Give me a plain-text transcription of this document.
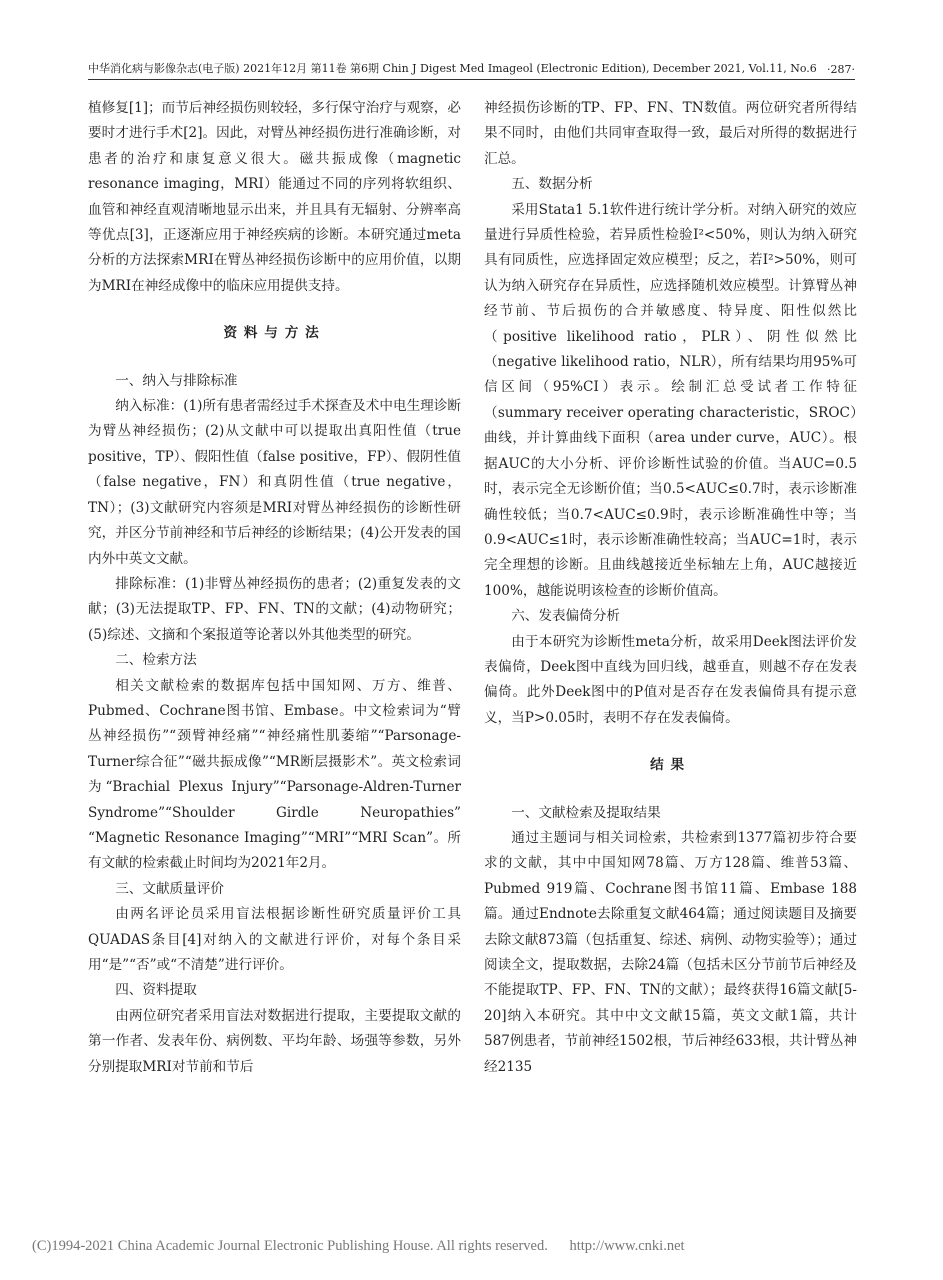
中华消化病与影像杂志(电子版) 2021年12月 第11卷 第6期 Chin J Digest Med Imageol (Electronic Edition), December 2021, Vol.11, No.6 ·287·

植修复[1]；而节后神经损伤则较轻，多行保守治疗与观察，必要时才进行手术[2]。因此，对臂丛神经损伤进行准确诊断，对患者的治疗和康复意义很大。磁共振成像（magnetic resonance imaging，MRI）能通过不同的序列将软组织、血管和神经直观清晰地显示出来，并且具有无辐射、分辨率高等优点[3]，正逐渐应用于神经疾病的诊断。本研究通过meta分析的方法探索MRI在臂丛神经损伤诊断中的应用价值，以期为MRI在神经成像中的临床应用提供支持。

资料与方法

一、纳入与排除标准

纳入标准：(1)所有患者需经过手术探查及术中电生理诊断为臂丛神经损伤；(2)从文献中可以提取出真阳性值（true positive，TP）、假阳性值（false positive，FP）、假阴性值（false negative，FN）和真阴性值（true negative，TN）；(3)文献研究内容须是MRI对臂丛神经损伤的诊断性研究，并区分节前神经和节后神经的诊断结果；(4)公开发表的国内外中英文文献。

排除标准：(1)非臂丛神经损伤的患者；(2)重复发表的文献；(3)无法提取TP、FP、FN、TN的文献；(4)动物研究；(5)综述、文摘和个案报道等论著以外其他类型的研究。

二、检索方法

相关文献检索的数据库包括中国知网、万方、维普、Pubmed、Cochrane图书馆、Embase。中文检索词为“臂丛神经损伤”“颈臂神经痛”“神经痛性肌萎缩”“Parsonage-Turner综合征”“磁共振成像”“MR断层摄影术”。英文检索词为“Brachial Plexus Injury”“Parsonage-Aldren-Turner Syndrome”“Shoulder Girdle Neuropathies” “Magnetic Resonance Imaging”“MRI”“MRI Scan”。所有文献的检索截止时间均为2021年2月。

三、文献质量评价

由两名评论员采用盲法根据诊断性研究质量评价工具QUADAS条目[4]对纳入的文献进行评价，对每个条目采用“是”“否”或“不清楚”进行评价。

四、资料提取

由两位研究者采用盲法对数据进行提取，主要提取文献的第一作者、发表年份、病例数、平均年龄、场强等参数，另外分别提取MRI对节前和节后

神经损伤诊断的TP、FP、FN、TN数值。两位研究者所得结果不同时，由他们共同审查取得一致，最后对所得的数据进行汇总。

五、数据分析

采用Stata1 5.1软件进行统计学分析。对纳入研究的效应量进行异质性检验，若异质性检验I²<50%，则认为纳入研究具有同质性，应选择固定效应模型；反之，若I²>50%，则可认为纳入研究存在异质性，应选择随机效应模型。计算臂丛神经节前、节后损伤的合并敏感度、特异度、阳性似然比（positive likelihood ratio，PLR）、阴性似然比（negative likelihood ratio，NLR），所有结果均用95%可信区间（95%CI）表示。绘制汇总受试者工作特征（summary receiver operating characteristic，SROC）曲线，并计算曲线下面积（area under curve，AUC）。根据AUC的大小分析、评价诊断性试验的价值。当AUC=0.5时，表示完全无诊断价值；当0.5<AUC≤0.7时，表示诊断准确性较低；当0.7<AUC≤0.9时，表示诊断准确性中等；当0.9<AUC≤1时，表示诊断准确性较高；当AUC=1时，表示完全理想的诊断。且曲线越接近坐标轴左上角，AUC越接近100%，越能说明该检查的诊断价值高。

六、发表偏倚分析

由于本研究为诊断性meta分析，故采用Deek图法评价发表偏倚，Deek图中直线为回归线，越垂直，则越不存在发表偏倚。此外Deek图中的P值对是否存在发表偏倚具有提示意义，当P>0.05时，表明不存在发表偏倚。

结果

一、文献检索及提取结果

通过主题词与相关词检索，共检索到1377篇初步符合要求的文献，其中中国知网78篇、万方128篇、维普53篇、Pubmed 919篇、Cochrane图书馆11篇、Embase 188篇。通过Endnote去除重复文献464篇；通过阅读题目及摘要去除文献873篇（包括重复、综述、病例、动物实验等）；通过阅读全文，提取数据，去除24篇（包括未区分节前节后神经及不能提取TP、FP、FN、TN的文献）；最终获得16篇文献[5-20]纳入本研究。其中中文文献15篇，英文文献1篇，共计587例患者，节前神经1502根，节后神经633根，共计臂丛神经2135

(C)1994-2021 China Academic Journal Electronic Publishing House. All rights reserved. http://www.cnki.net
